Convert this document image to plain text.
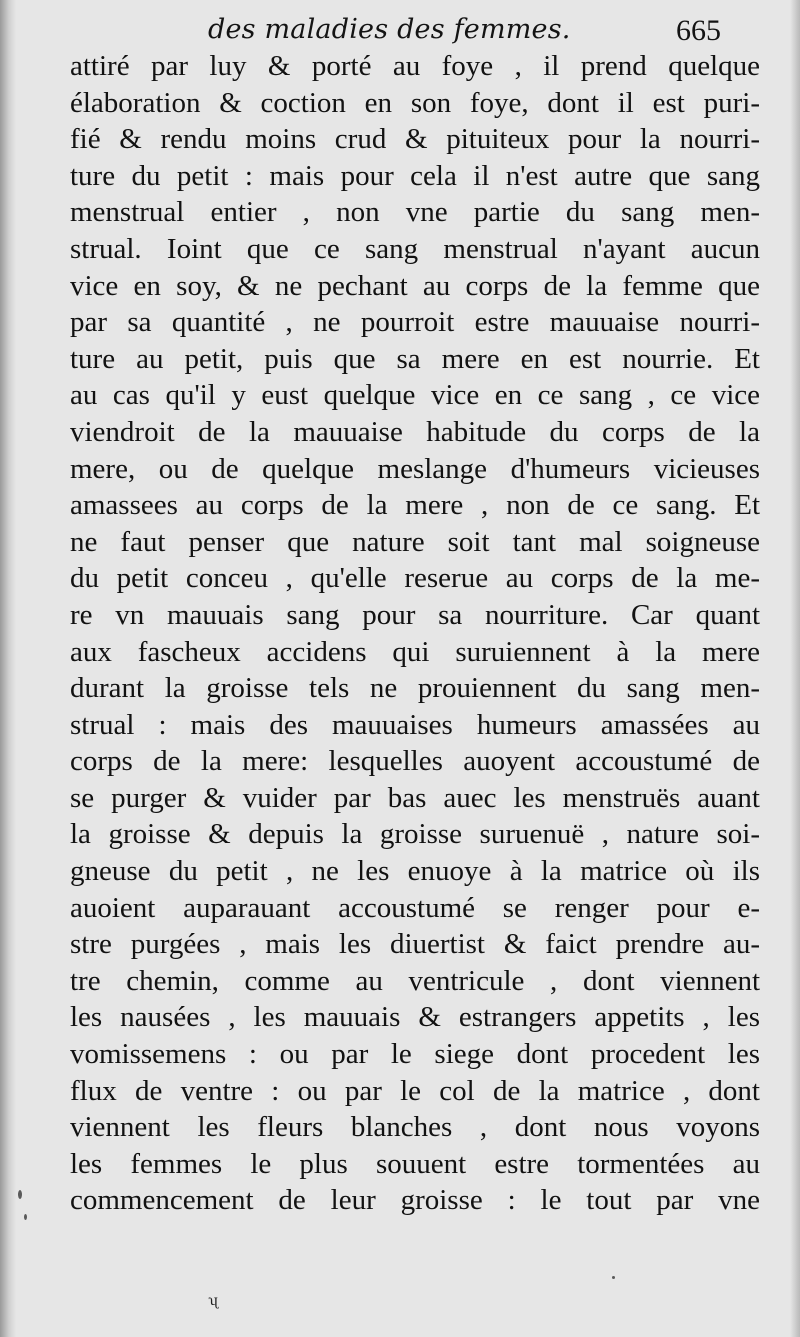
des maladies des femmes.	665
attiré par luy & porté au foye , il prend quelque
élaboration & coction en son foye, dont il est puri-
fié & rendu moins crud & pituiteux pour la nourri-
ture du petit : mais pour cela il n'est autre que sang
menstrual entier , non vne partie du sang men-
strual. Ioint que ce sang menstrual n'ayant aucun
vice en soy, & ne pechant au corps de la femme que
par sa quantité , ne pourroit estre mauuaise nourri-
ture au petit, puis que sa mere en est nourrie. Et
au cas qu'il y eust quelque vice en ce sang , ce vice
viendroit de la mauuaise habitude du corps de la
mere, ou de quelque meslange d'humeurs vicieuses
amassees au corps de la mere , non de ce sang. Et
ne faut penser que nature soit tant mal soigneuse
du petit conceu , qu'elle reserue au corps de la me-
re vn mauuais sang pour sa nourriture. Car quant
aux fascheux accidens qui suruiennent à la mere
durant la groisse tels ne prouiennent du sang men-
strual : mais des mauuaises humeurs amassées au
corps de la mere: lesquelles auoyent accoustumé de
se purger & vuider par bas auec les menstruës auant
la groisse & depuis la groisse suruenuë , nature soi-
gneuse du petit , ne les enuoye à la matrice où ils
auoient auparauant accoustumé se renger pour e-
stre purgées , mais les diuertist & faict prendre au-
tre chemin, comme au ventricule , dont viennent
les nausées , les mauuais & estrangers appetits , les
vomissemens : ou par le siege dont procedent les
flux de ventre : ou par le col de la matrice , dont
viennent les fleurs blanches , dont nous voyons
les femmes le plus souuent estre tormentées au
commencement de leur groisse : le tout par vne
ʯ
